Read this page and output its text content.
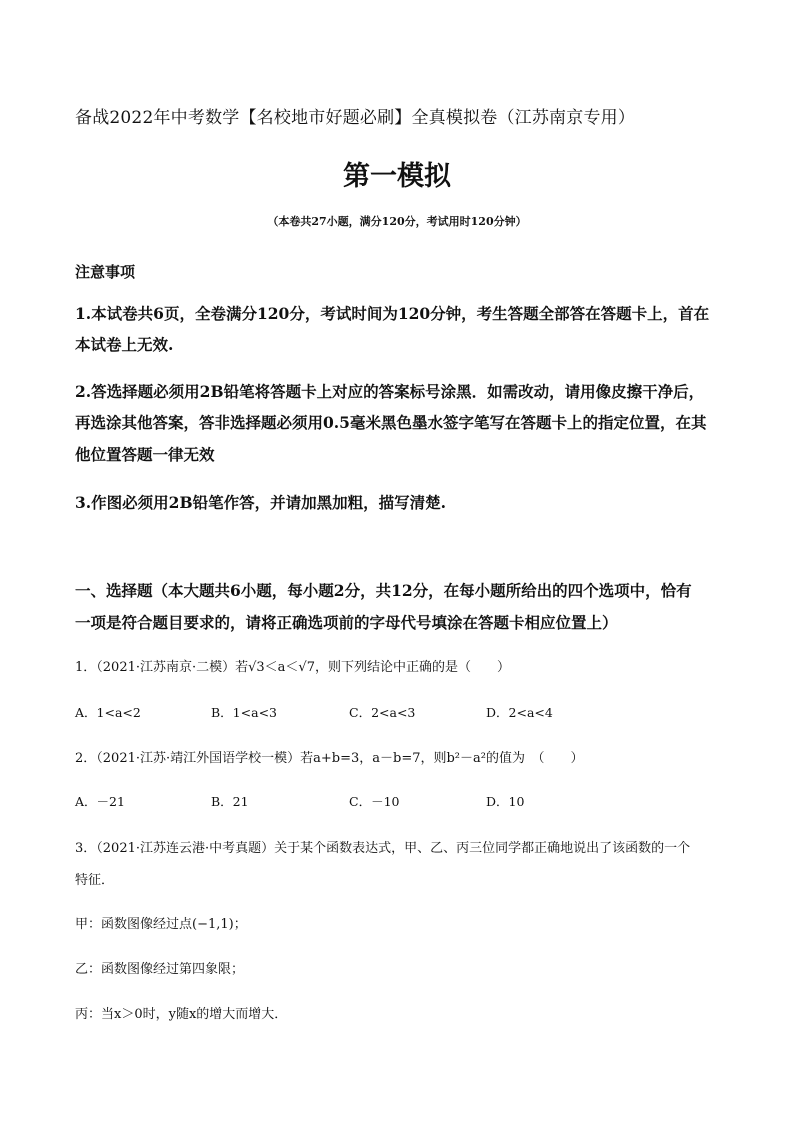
备战2022年中考数学【名校地市好题必刷】全真模拟卷（江苏南京专用）
第一模拟
（本卷共27小题，满分120分，考试用时120分钟）
注意事项
1.本试卷共6页，全卷满分120分，考试时间为120分钟，考生答题全部答在答题卡上，首在
本试卷上无效.
2.答选择题必须用2B铅笔将答题卡上对应的答案标号涂黑．如需改动，请用像皮擦干净后，
再选涂其他答案，答非选择题必须用0.5毫米黑色墨水签字笔写在答题卡上的指定位置，在其
他位置答题一律无效
3.作图必须用2B铅笔作答，并请加黑加粗，描写清楚.
一、选择题（本大题共6小题，每小题2分，共12分，在每小题所给出的四个选项中，恰有
一项是符合题目要求的，请将正确选项前的字母代号填涂在答题卡相应位置上）
1．（2021·江苏南京·二模）若√3＜a＜√7，则下列结论中正确的是（　　）
A．1<a<2	B．1<a<3	C．2<a<3	D．2<a<4
2．（2021·江苏·靖江外国语学校一模）若a+b=3，a－b=7，则b²－a²的值为　（　　）
A．－21	B．21	C．－10	D．10
3．（2021·江苏连云港·中考真题）关于某个函数表达式，甲、乙、丙三位同学都正确地说出了该函数的一个
特征．
甲：函数图像经过点(−1,1)；
乙：函数图像经过第四象限；
丙：当x＞0时，y随x的增大而增大．
